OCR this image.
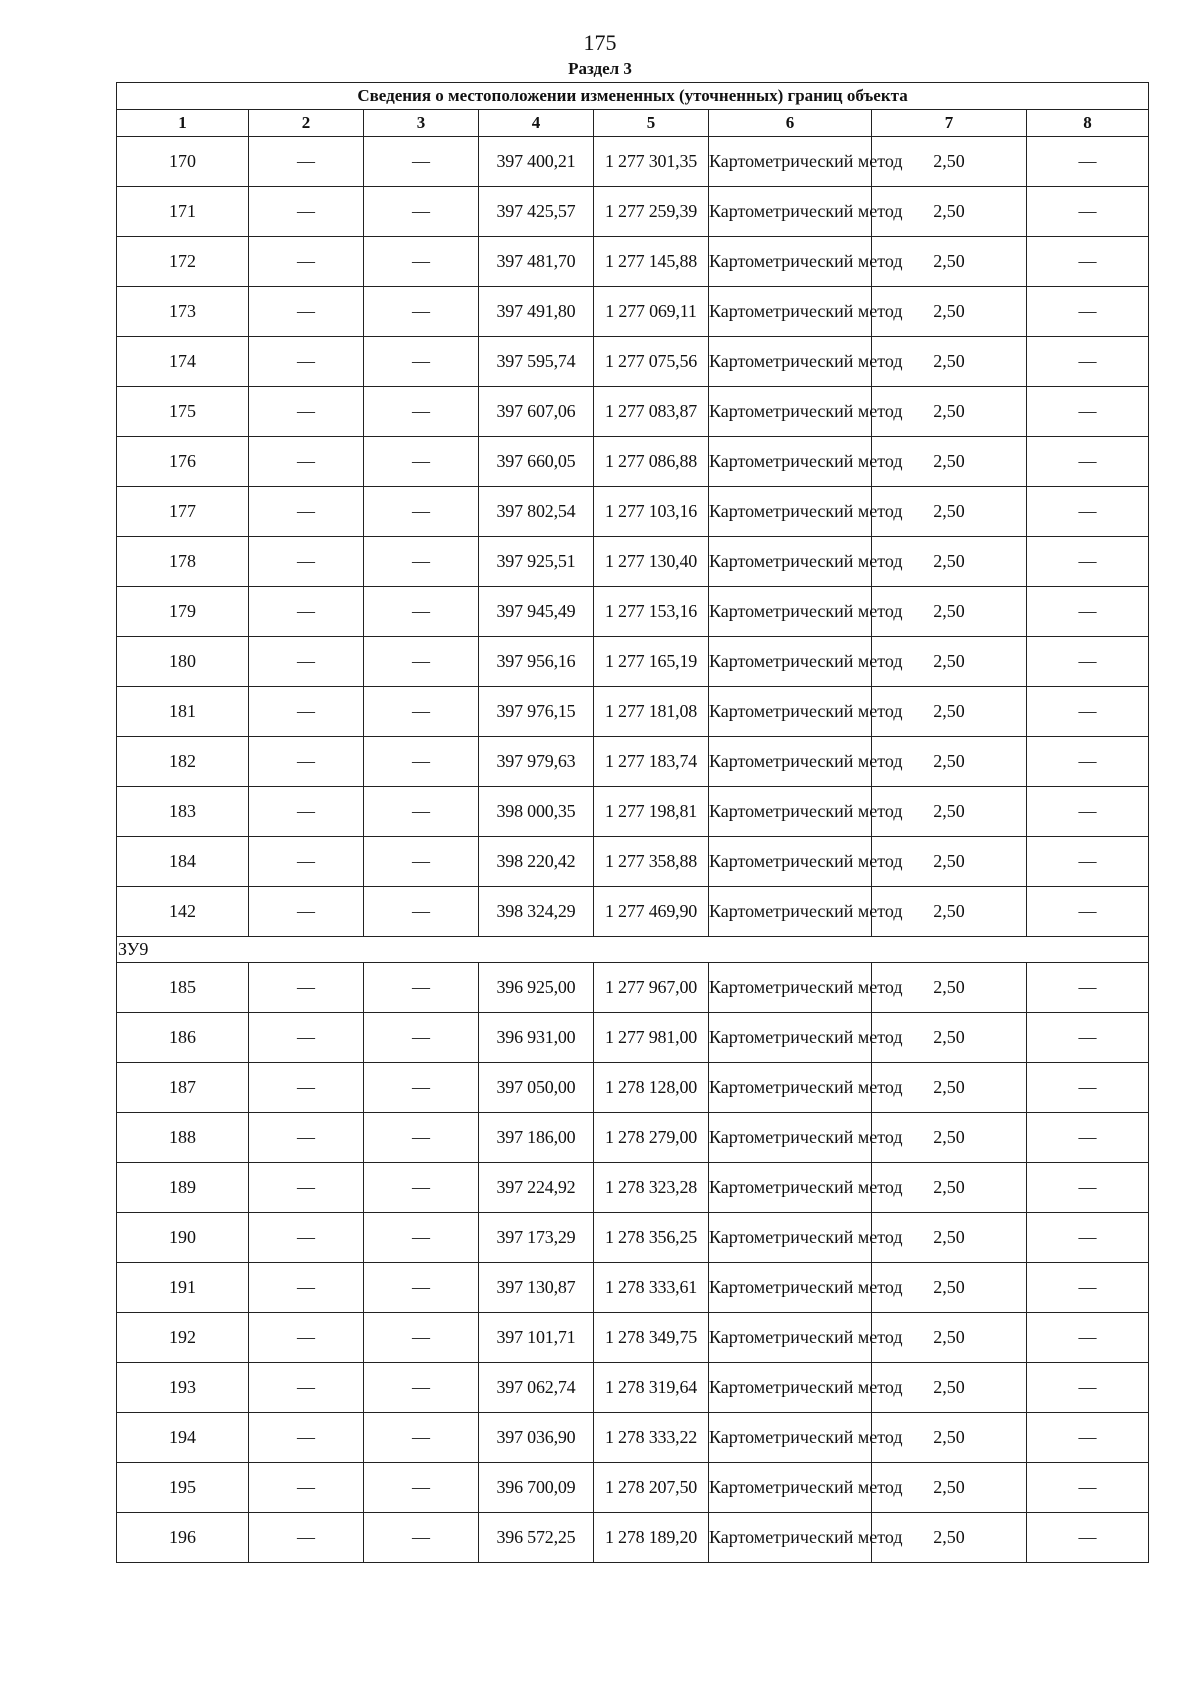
175
Раздел 3
Сведения о местоположении измененных (уточненных) границ объекта							
1	2	3	4	5	6	7	8
170	—	—	397 400,21	1 277 301,35	Картометрический метод	2,50	—
171	—	—	397 425,57	1 277 259,39	Картометрический метод	2,50	—
172	—	—	397 481,70	1 277 145,88	Картометрический метод	2,50	—
173	—	—	397 491,80	1 277 069,11	Картометрический метод	2,50	—
174	—	—	397 595,74	1 277 075,56	Картометрический метод	2,50	—
175	—	—	397 607,06	1 277 083,87	Картометрический метод	2,50	—
176	—	—	397 660,05	1 277 086,88	Картометрический метод	2,50	—
177	—	—	397 802,54	1 277 103,16	Картометрический метод	2,50	—
178	—	—	397 925,51	1 277 130,40	Картометрический метод	2,50	—
179	—	—	397 945,49	1 277 153,16	Картометрический метод	2,50	—
180	—	—	397 956,16	1 277 165,19	Картометрический метод	2,50	—
181	—	—	397 976,15	1 277 181,08	Картометрический метод	2,50	—
182	—	—	397 979,63	1 277 183,74	Картометрический метод	2,50	—
183	—	—	398 000,35	1 277 198,81	Картометрический метод	2,50	—
184	—	—	398 220,42	1 277 358,88	Картометрический метод	2,50	—
142	—	—	398 324,29	1 277 469,90	Картометрический метод	2,50	—
ЗУ9							
185	—	—	396 925,00	1 277 967,00	Картометрический метод	2,50	—
186	—	—	396 931,00	1 277 981,00	Картометрический метод	2,50	—
187	—	—	397 050,00	1 278 128,00	Картометрический метод	2,50	—
188	—	—	397 186,00	1 278 279,00	Картометрический метод	2,50	—
189	—	—	397 224,92	1 278 323,28	Картометрический метод	2,50	—
190	—	—	397 173,29	1 278 356,25	Картометрический метод	2,50	—
191	—	—	397 130,87	1 278 333,61	Картометрический метод	2,50	—
192	—	—	397 101,71	1 278 349,75	Картометрический метод	2,50	—
193	—	—	397 062,74	1 278 319,64	Картометрический метод	2,50	—
194	—	—	397 036,90	1 278 333,22	Картометрический метод	2,50	—
195	—	—	396 700,09	1 278 207,50	Картометрический метод	2,50	—
196	—	—	396 572,25	1 278 189,20	Картометрический метод	2,50	—
